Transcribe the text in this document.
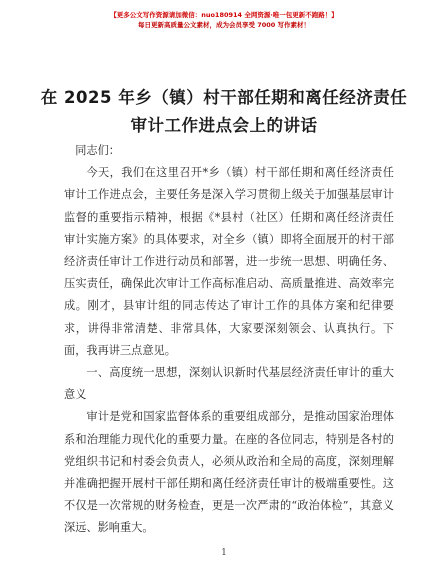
【更多公文写作资源请加微信：nuo180914 全网资源·唯一包更新不跑路！】
每日更新高质量公文素材，成为会员享受 7000 写作素材！
在 2025 年乡（镇）村干部任期和离任经济责任
审计工作进点会上的讲话

同志们：

今天，我们在这里召开*乡（镇）村干部任期和离任经济责任审计工作进点会，主要任务是深入学习贯彻上级关于加强基层审计监督的重要指示精神，根据《*县村（社区）任期和离任经济责任审计实施方案》的具体要求，对全乡（镇）即将全面展开的村干部经济责任审计工作进行动员和部署，进一步统一思想、明确任务、压实责任，确保此次审计工作高标准启动、高质量推进、高效率完成。刚才，县审计组的同志传达了审计工作的具体方案和纪律要求，讲得非常清楚、非常具体，大家要深刻领会、认真执行。下面，我再讲三点意见。

一、高度统一思想，深刻认识新时代基层经济责任审计的重大意义

审计是党和国家监督体系的重要组成部分，是推动国家治理体系和治理能力现代化的重要力量。在座的各位同志，特别是各村的党组织书记和村委会负责人，必须从政治和全局的高度，深刻理解并准确把握开展村干部任期和离任经济责任审计的极端重要性。这不仅是一次常规的财务检查，更是一次严肃的“政治体检”，其意义深远、影响重大。

1
